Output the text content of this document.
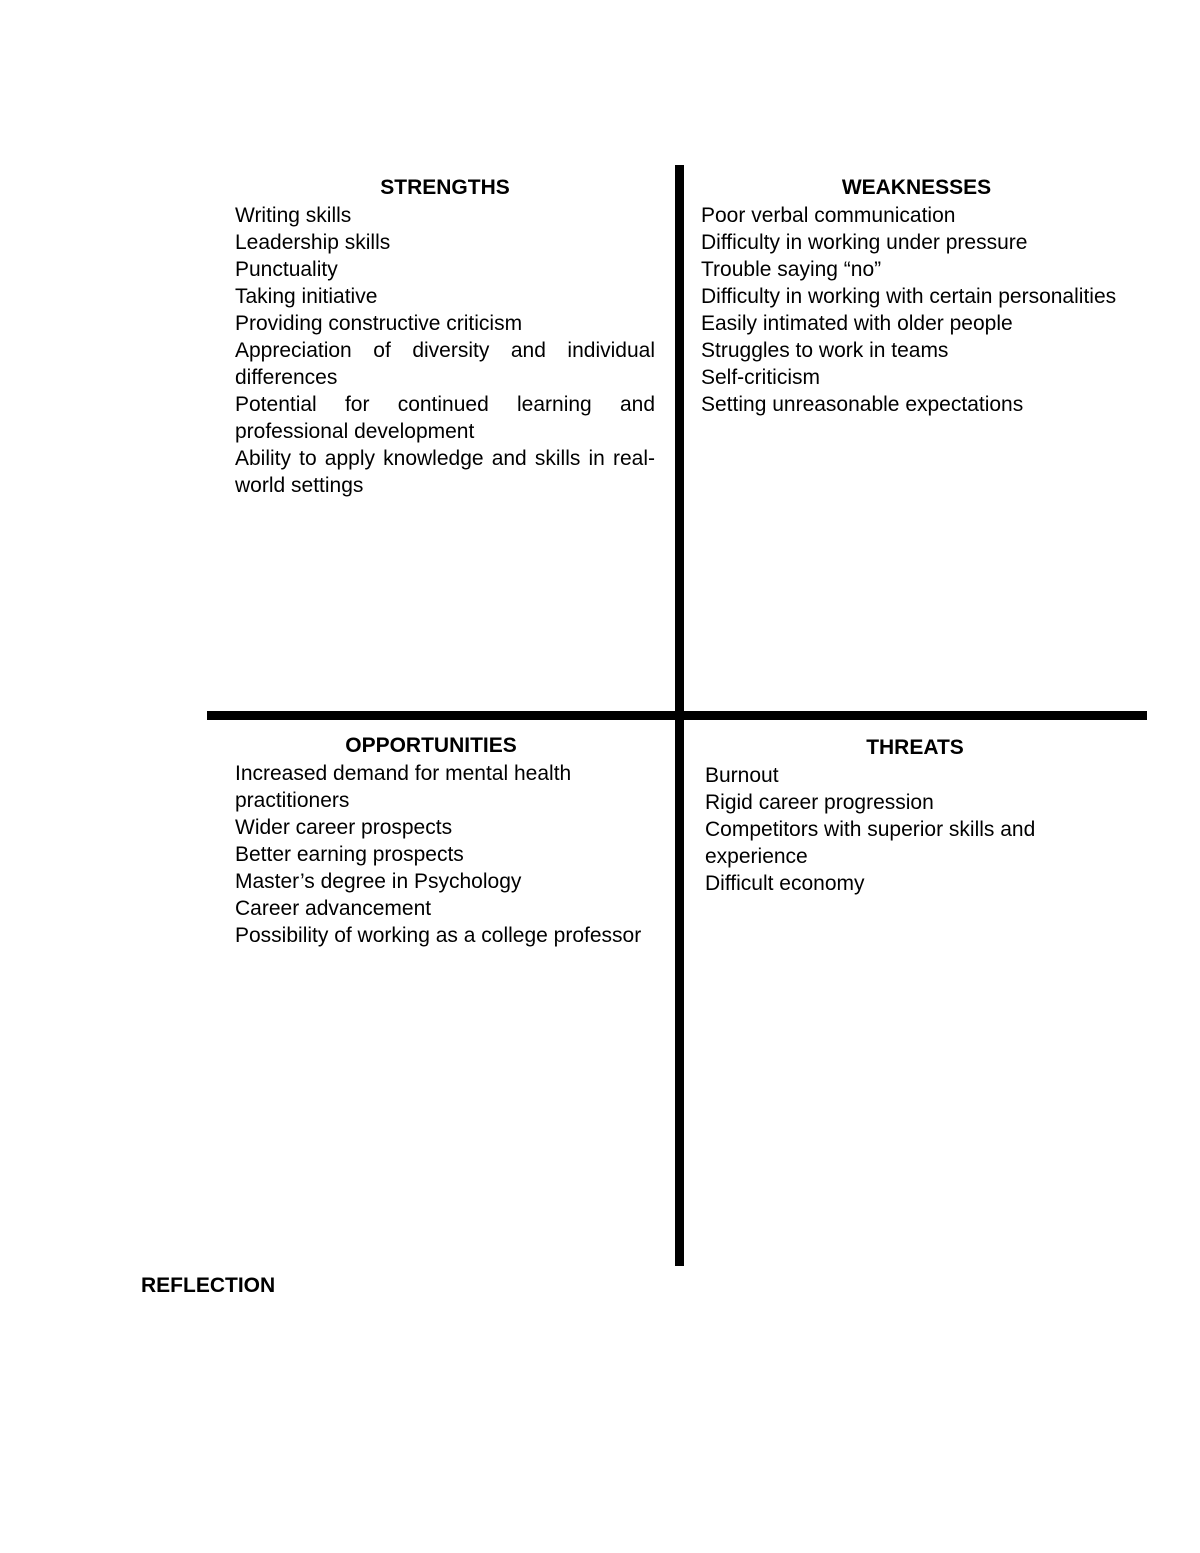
STRENGTHS
Writing skills
Leadership skills
Punctuality
Taking initiative
Providing constructive criticism
Appreciation of diversity and individual differences
Potential for continued learning and professional development
Ability to apply knowledge and skills in real-world settings
WEAKNESSES
Poor verbal communication
Difficulty in working under pressure
Trouble saying “no”
Difficulty in working with certain personalities
Easily intimated with older people
Struggles to work in teams
Self-criticism
Setting unreasonable expectations
OPPORTUNITIES
Increased demand for mental health practitioners
Wider career prospects
Better earning prospects
Master’s degree in Psychology
Career advancement
Possibility of working as a college professor
THREATS
Burnout
Rigid career progression
Competitors with superior skills and experience
Difficult economy
REFLECTION
